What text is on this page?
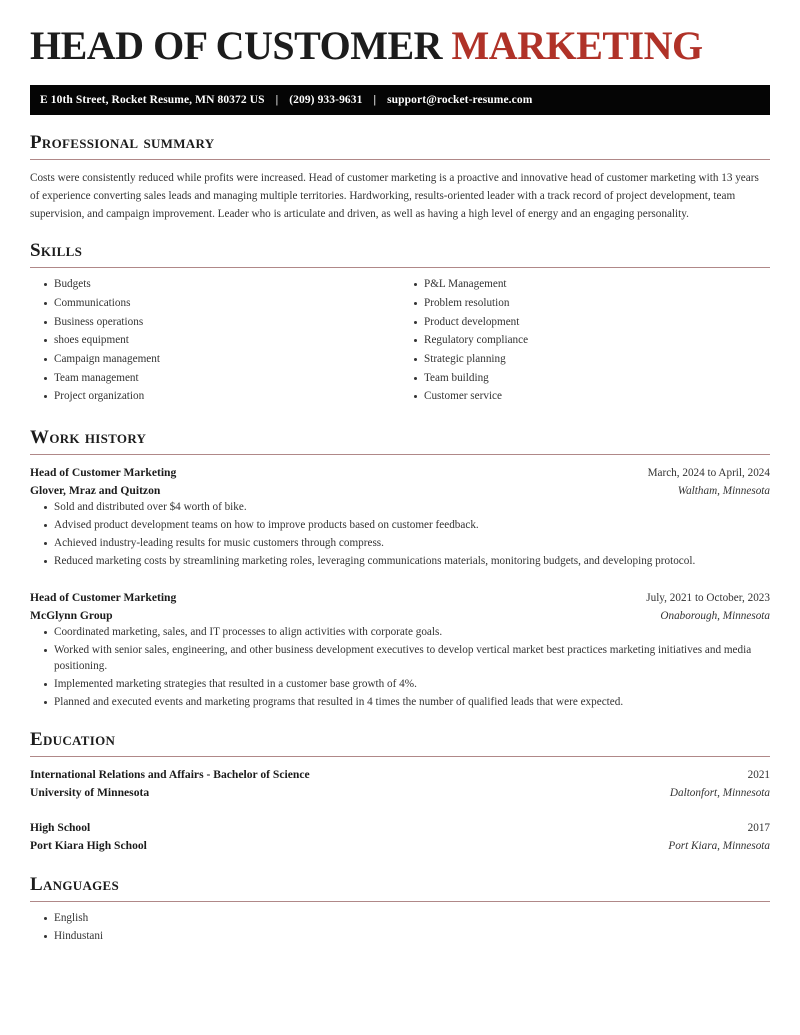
HEAD OF CUSTOMER MARKETING
E 10th Street, Rocket Resume, MN 80372 US | (209) 933-9631 | support@rocket-resume.com
Professional summary

Costs were consistently reduced while profits were increased. Head of customer marketing is a proactive and innovative head of customer marketing with 13 years of experience converting sales leads and managing multiple territories. Hardworking, results-oriented leader with a track record of project development, team supervision, and campaign improvement. Leader who is articulate and driven, as well as having a high level of energy and an engaging personality.

Skills
Budgets
Communications
Business operations
shoes equipment
Campaign management
Team management
Project organization
P&L Management
Problem resolution
Product development
Regulatory compliance
Strategic planning
Team building
Customer service
Work history
Head of Customer Marketing	March, 2024 to April, 2024
Glover, Mraz and Quitzon	Waltham, Minnesota
Sold and distributed over $4 worth of bike.
Advised product development teams on how to improve products based on customer feedback.
Achieved industry-leading results for music customers through compress.
Reduced marketing costs by streamlining marketing roles, leveraging communications materials, monitoring budgets, and developing protocol.
Head of Customer Marketing	July, 2021 to October, 2023
McGlynn Group	Onaborough, Minnesota
Coordinated marketing, sales, and IT processes to align activities with corporate goals.
Worked with senior sales, engineering, and other business development executives to develop vertical market best practices marketing initiatives and media positioning.
Implemented marketing strategies that resulted in a customer base growth of 4%.
Planned and executed events and marketing programs that resulted in 4 times the number of qualified leads that were expected.
Education
International Relations and Affairs - Bachelor of Science	2021
University of Minnesota	Daltonfort, Minnesota
High School	2017
Port Kiara High School	Port Kiara, Minnesota
Languages
English
Hindustani
